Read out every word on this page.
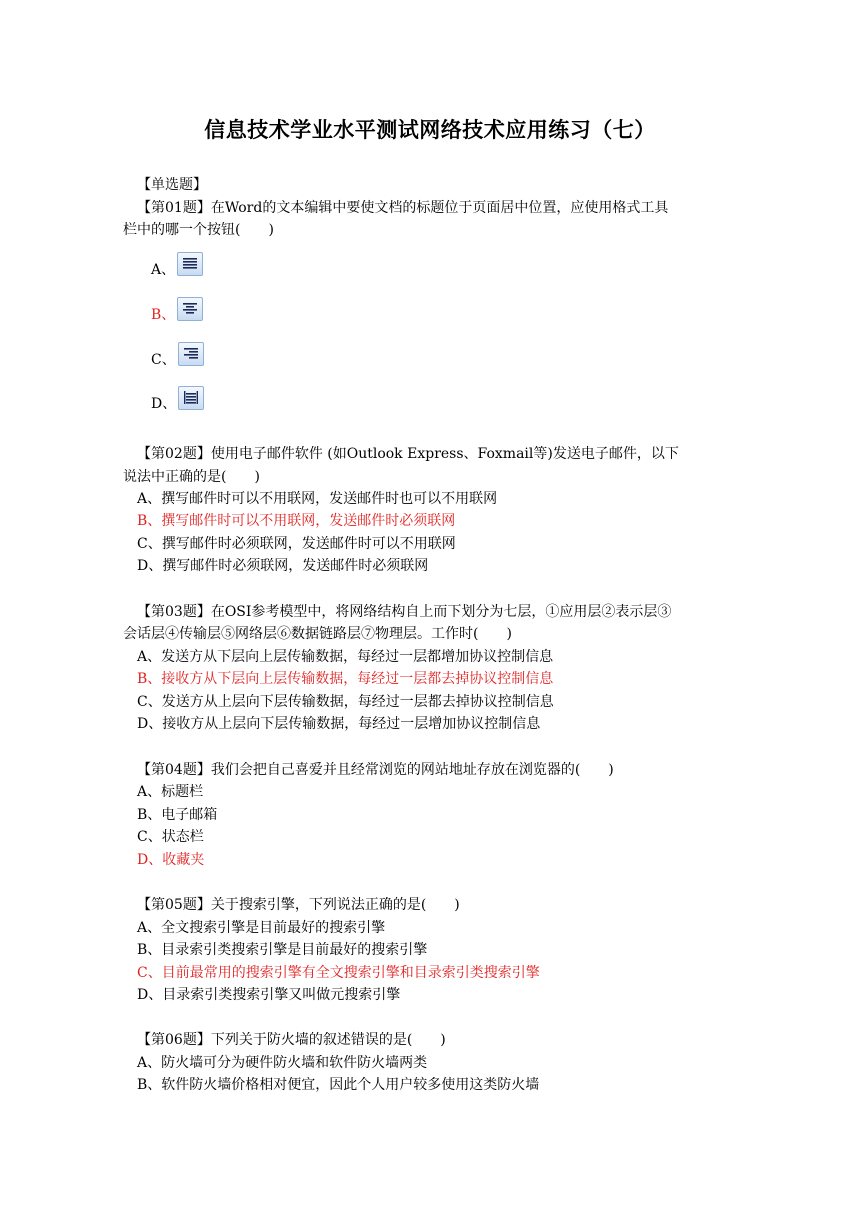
信息技术学业水平测试网络技术应用练习（七）
【单选题】
【第01题】在Word的文本编辑中要使文档的标题位于页面居中位置，应使用格式工具
栏中的哪一个按钮(　　)
A、
B、
C、
D、
【第02题】使用电子邮件软件 (如Outlook Express、Foxmail等)发送电子邮件，以下
说法中正确的是(　　)
A、撰写邮件时可以不用联网，发送邮件时也可以不用联网
B、撰写邮件时可以不用联网，发送邮件时必须联网
C、撰写邮件时必须联网，发送邮件时可以不用联网
D、撰写邮件时必须联网，发送邮件时必须联网
【第03题】在OSI参考模型中，将网络结构自上而下划分为七层，①应用层②表示层③
会话层④传输层⑤网络层⑥数据链路层⑦物理层。工作时(　　)
A、发送方从下层向上层传输数据，每经过一层都增加协议控制信息
B、接收方从下层向上层传输数据，每经过一层都去掉协议控制信息
C、发送方从上层向下层传输数据，每经过一层都去掉协议控制信息
D、接收方从上层向下层传输数据，每经过一层增加协议控制信息
【第04题】我们会把自己喜爱并且经常浏览的网站地址存放在浏览器的(　　)
A、标题栏
B、电子邮箱
C、状态栏
D、收藏夹
【第05题】关于搜索引擎，下列说法正确的是(　　)
A、全文搜索引擎是目前最好的搜索引擎
B、目录索引类搜索引擎是目前最好的搜索引擎
C、目前最常用的搜索引擎有全文搜索引擎和目录索引类搜索引擎
D、目录索引类搜索引擎又叫做元搜索引擎
【第06题】下列关于防火墙的叙述错误的是(　　)
A、防火墙可分为硬件防火墙和软件防火墙两类
B、软件防火墙价格相对便宜，因此个人用户较多使用这类防火墙
